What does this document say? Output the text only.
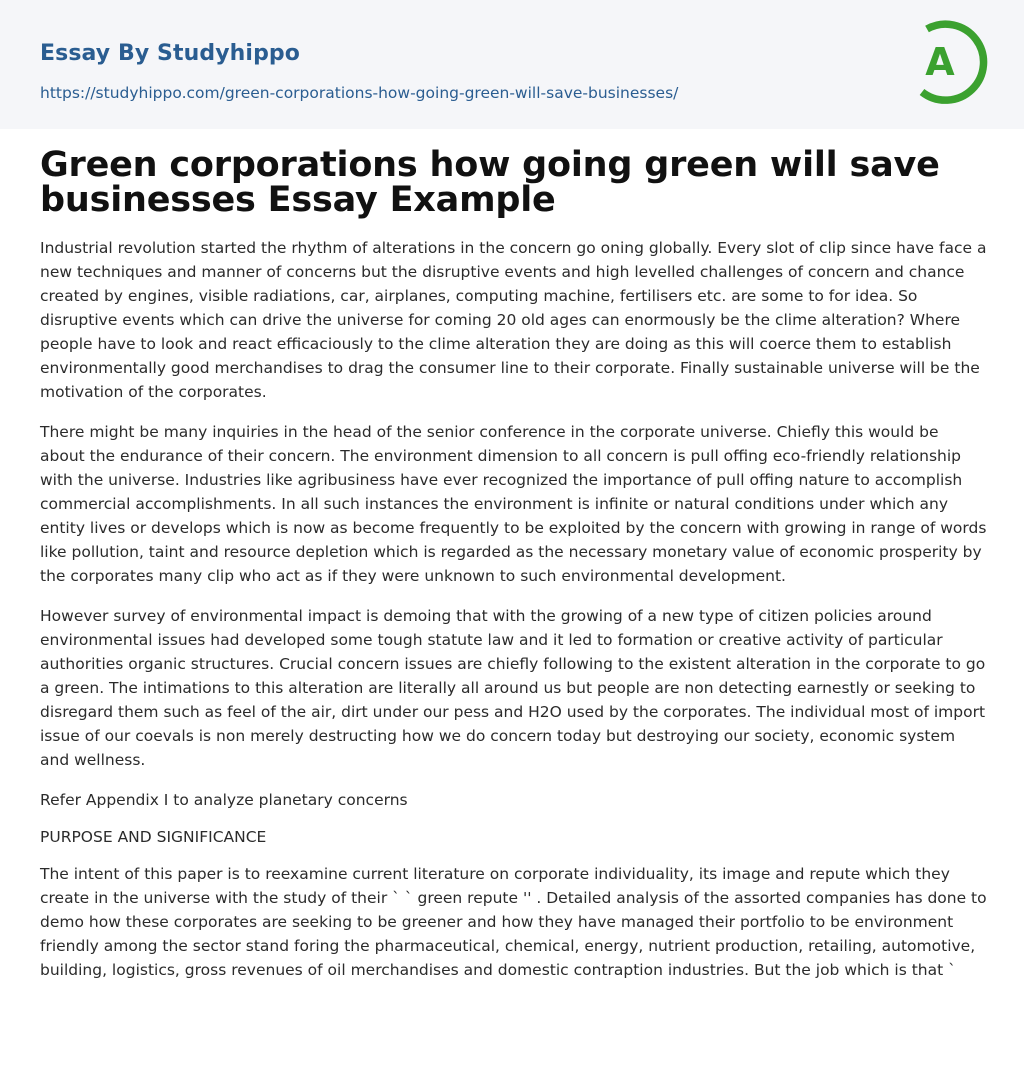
Essay By Studyhippo
https://studyhippo.com/green-corporations-how-going-green-will-save-businesses/
A
Green corporations how going green will save businesses Essay Example

Industrial revolution started the rhythm of alterations in the concern go oning globally. Every slot of clip since have face a new techniques and manner of concerns but the disruptive events and high levelled challenges of concern and chance created by engines, visible radiations, car, airplanes, computing machine, fertilisers etc. are some to for idea. So disruptive events which can drive the universe for coming 20 old ages can enormously be the clime alteration? Where people have to look and react efficaciously to the clime alteration they are doing as this will coerce them to establish environmentally good merchandises to drag the consumer line to their corporate. Finally sustainable universe will be the motivation of the corporates.

There might be many inquiries in the head of the senior conference in the corporate universe. Chiefly this would be about the endurance of their concern. The environment dimension to all concern is pull offing eco-friendly relationship with the universe. Industries like agribusiness have ever recognized the importance of pull offing nature to accomplish commercial accomplishments. In all such instances the environment is infinite or natural conditions under which any entity lives or develops which is now as become frequently to be exploited by the concern with growing in range of words like pollution, taint and resource depletion which is regarded as the necessary monetary value of economic prosperity by the corporates many clip who act as if they were unknown to such environmental development.

However survey of environmental impact is demoing that with the growing of a new type of citizen policies around environmental issues had developed some tough statute law and it led to formation or creative activity of particular authorities organic structures. Crucial concern issues are chiefly following to the existent alteration in the corporate to go a green. The intimations to this alteration are literally all around us but people are non detecting earnestly or seeking to disregard them such as feel of the air, dirt under our pess and H2O used by the corporates. The individual most of import issue of our coevals is non merely destructing how we do concern today but destroying our society, economic system and wellness.

Refer Appendix I to analyze planetary concerns

PURPOSE AND SIGNIFICANCE

The intent of this paper is to reexamine current literature on corporate individuality, its image and repute which they create in the universe with the study of their ` ` green repute '' . Detailed analysis of the assorted companies has done to demo how these corporates are seeking to be greener and how they have managed their portfolio to be environment friendly among the sector stand foring the pharmaceutical, chemical, energy, nutrient production, retailing, automotive, building, logistics, gross revenues of oil merchandises and domestic contraption industries. But the job which is that `
